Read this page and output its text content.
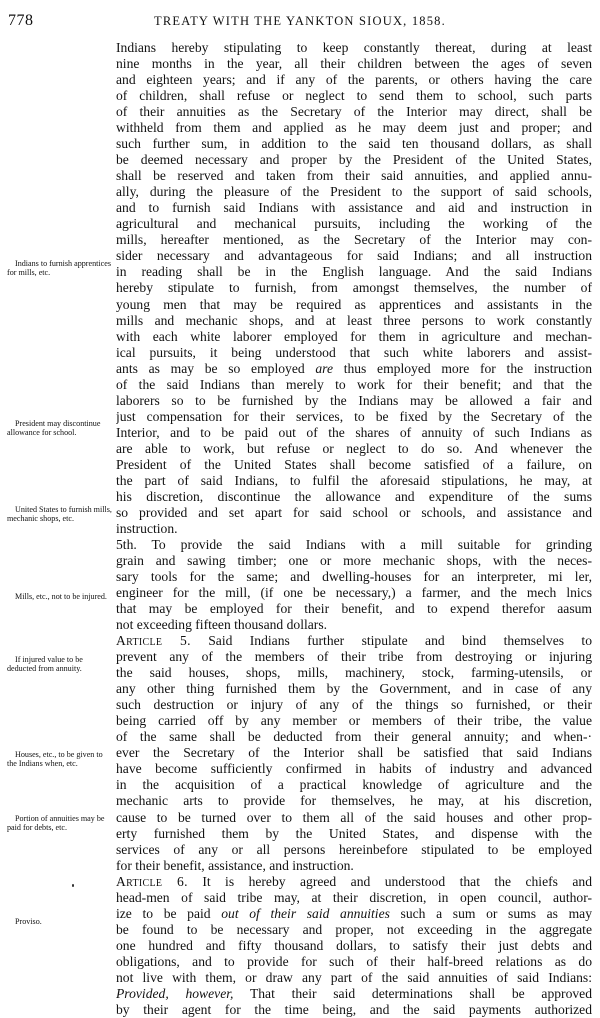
778	TREATY WITH THE YANKTON SIOUX, 1858.
Indians to furnish apprentices for mills, etc.
President may discontinue allowance for school.
United States to furnish mills, mechanic shops, etc.
Mills, etc., not to be injured.
If injured value to be deducted from annuity.
Houses, etc., to be given to the Indians when, etc.
Portion of annuities may be paid for debts, etc.
Proviso.
Indians hereby stipulating to keep constantly thereat, during at least
nine months in the year, all their children between the ages of seven
and eighteen years; and if any of the parents, or others having the care
of children, shall refuse or neglect to send them to school, such parts
of their annuities as the Secretary of the Interior may direct, shall be
withheld from them and applied as he may deem just and proper; and
such further sum, in addition to the said ten thousand dollars, as shall
be deemed necessary and proper by the President of the United States,
shall be reserved and taken from their said annuities, and applied annu-
ally, during the pleasure of the President to the support of said schools,
and to furnish said Indians with assistance and aid and instruction in
agricultural and mechanical pursuits, including the working of the
mills, hereafter mentioned, as the Secretary of the Interior may con-
sider necessary and advantageous for said Indians; and all instruction
in reading shall be in the English language. And the said Indians
hereby stipulate to furnish, from amongst themselves, the number of
young men that may be required as apprentices and assistants in the
mills and mechanic shops, and at least three persons to work constantly
with each white laborer employed for them in agriculture and mechan-
ical pursuits, it being understood that such white laborers and assist-
ants as may be so employed are thus employed more for the instruction
of the said Indians than merely to work for their benefit; and that the
laborers so to be furnished by the Indians may be allowed a fair and
just compensation for their services, to be fixed by the Secretary of the
Interior, and to be paid out of the shares of annuity of such Indians as
are able to work, but refuse or neglect to do so. And whenever the
President of the United States shall become satisfied of a failure, on
the part of said Indians, to fulfil the aforesaid stipulations, he may, at
his discretion, discontinue the allowance and expenditure of the sums
so provided and set apart for said school or schools, and assistance and
instruction.
5th. To provide the said Indians with a mill suitable for grinding
grain and sawing timber; one or more mechanic shops, with the neces-
sary tools for the same; and dwelling-houses for an interpreter, mi ler,
engineer for the mill, (if one be necessary,) a farmer, and the mech lnics
that may be employed for their benefit, and to expend therefor aasum
not exceeding fifteen thousand dollars.
Article 5. Said Indians further stipulate and bind themselves to
prevent any of the members of their tribe from destroying or injuring
the said houses, shops, mills, machinery, stock, farming-utensils, or
any other thing furnished them by the Government, and in case of any
such destruction or injury of any of the things so furnished, or their
being carried off by any member or members of their tribe, the value
of the same shall be deducted from their general annuity; and when-·
ever the Secretary of the Interior shall be satisfied that said Indians
have become sufficiently confirmed in habits of industry and advanced
in the acquisition of a practical knowledge of agriculture and the
mechanic arts to provide for themselves, he may, at his discretion,
cause to be turned over to them all of the said houses and other prop-
erty furnished them by the United States, and dispense with the
services of any or all persons hereinbefore stipulated to be employed
for their benefit, assistance, and instruction.
Article 6. It is hereby agreed and understood that the chiefs and
head-men of said tribe may, at their discretion, in open council, author-
ize to be paid out of their said annuities such a sum or sums as may
be found to be necessary and proper, not exceeding in the aggregate
one hundred and fifty thousand dollars, to satisfy their just debts and
obligations, and to provide for such of their half-breed relations as do
not live with them, or draw any part of the said annuities of said Indians:
Provided, however, That their said determinations shall be approved
by their agent for the time being, and the said payments authorized
